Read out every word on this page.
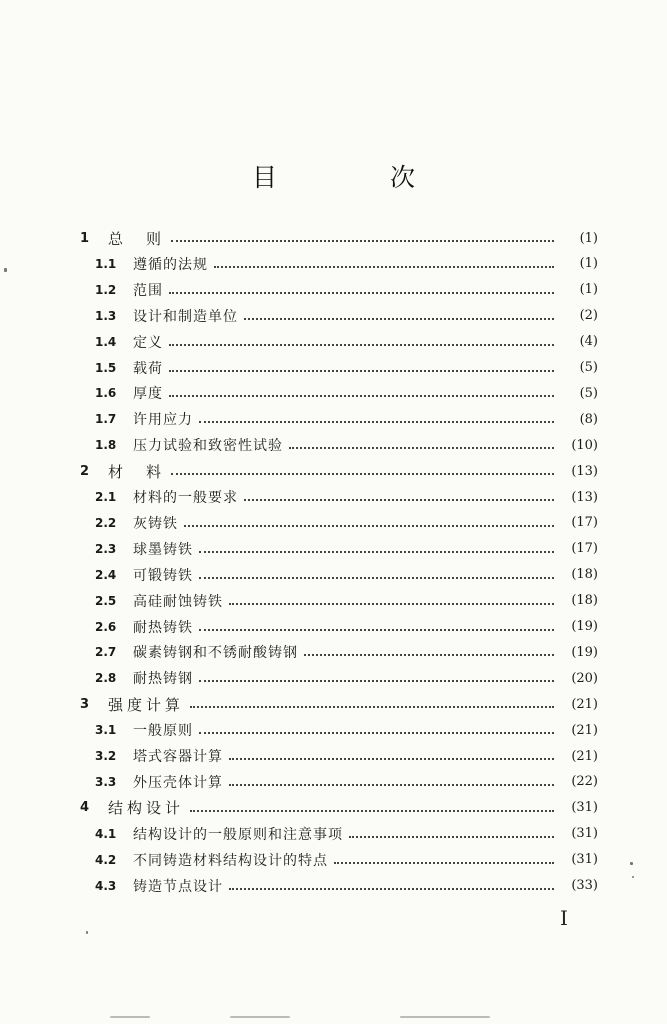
目　次
1	总　则	(1)
1.1	遵循的法规	(1)
1.2	范围	(1)
1.3	设计和制造单位	(2)
1.4	定义	(4)
1.5	载荷	(5)
1.6	厚度	(5)
1.7	许用应力	(8)
1.8	压力试验和致密性试验	(10)
2	材　料	(13)
2.1	材料的一般要求	(13)
2.2	灰铸铁	(17)
2.3	球墨铸铁	(17)
2.4	可锻铸铁	(18)
2.5	高硅耐蚀铸铁	(18)
2.6	耐热铸铁	(19)
2.7	碳素铸钢和不锈耐酸铸钢	(19)
2.8	耐热铸钢	(20)
3	强度计算	(21)
3.1	一般原则	(21)
3.2	塔式容器计算	(21)
3.3	外压壳体计算	(22)
4	结构设计	(31)
4.1	结构设计的一般原则和注意事项	(31)
4.2	不同铸造材料结构设计的特点	(31)
4.3	铸造节点设计	(33)
I
